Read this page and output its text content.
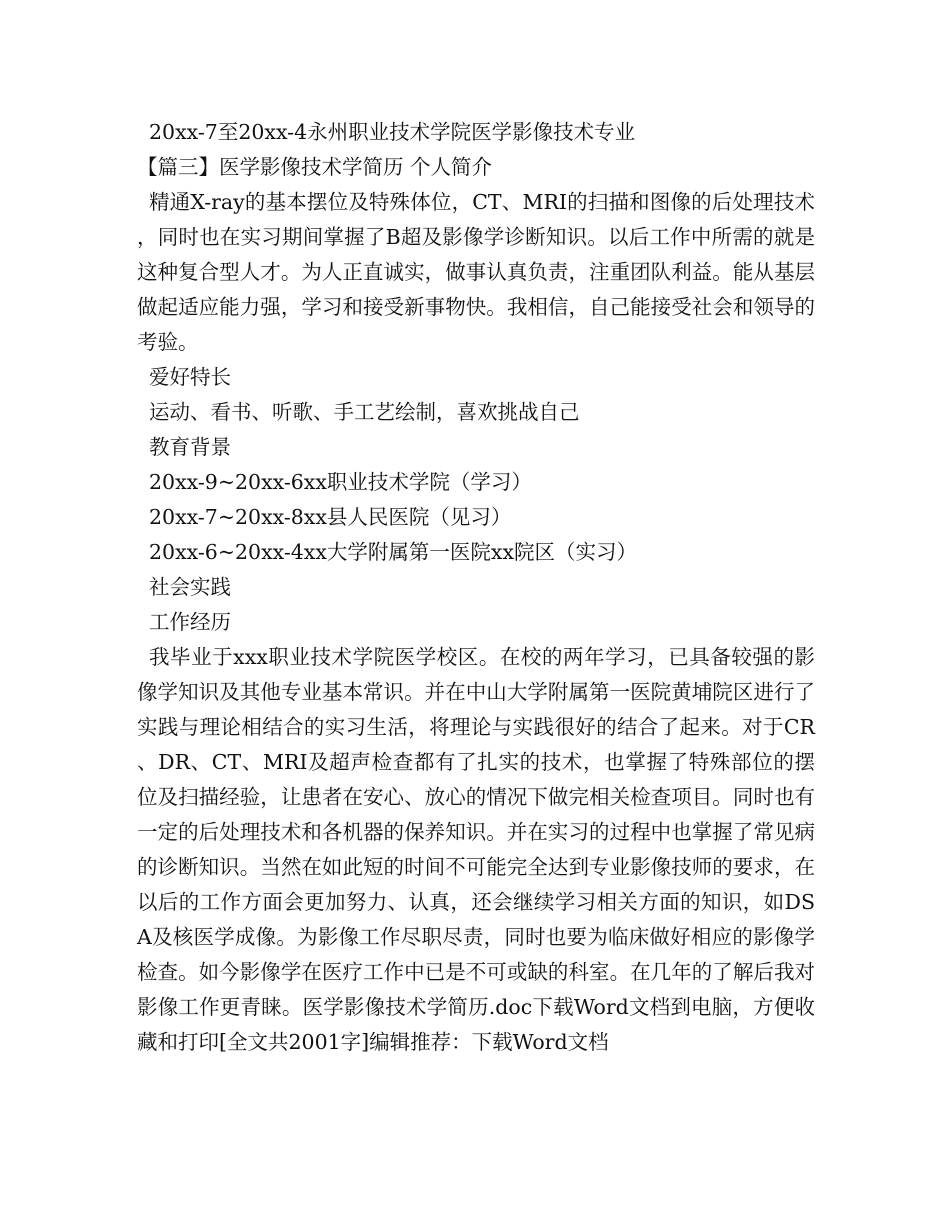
20xx-7至20xx-4永州职业技术学院医学影像技术专业
【篇三】医学影像技术学简历 个人简介
精通X-ray的基本摆位及特殊体位，CT、MRI的扫描和图像的后处理技术，同时也在实习期间掌握了B超及影像学诊断知识。以后工作中所需的就是这种复合型人才。为人正直诚实，做事认真负责，注重团队利益。能从基层做起适应能力强，学习和接受新事物快。我相信，自己能接受社会和领导的考验。
爱好特长
运动、看书、听歌、手工艺绘制，喜欢挑战自己
教育背景
20xx-9~20xx-6xx职业技术学院（学习）
20xx-7~20xx-8xx县人民医院（见习）
20xx-6~20xx-4xx大学附属第一医院xx院区（实习）
社会实践
工作经历
我毕业于xxx职业技术学院医学校区。在校的两年学习，已具备较强的影像学知识及其他专业基本常识。并在中山大学附属第一医院黄埔院区进行了实践与理论相结合的实习生活，将理论与实践很好的结合了起来。对于CR、DR、CT、MRI及超声检查都有了扎实的技术，也掌握了特殊部位的摆位及扫描经验，让患者在安心、放心的情况下做完相关检查项目。同时也有一定的后处理技术和各机器的保养知识。并在实习的过程中也掌握了常见病的诊断知识。当然在如此短的时间不可能完全达到专业影像技师的要求，在以后的工作方面会更加努力、认真，还会继续学习相关方面的知识，如DSA及核医学成像。为影像工作尽职尽责，同时也要为临床做好相应的影像学检查。如今影像学在医疗工作中已是不可或缺的科室。在几年的了解后我对影像工作更青睐。医学影像技术学简历.doc下载Word文档到电脑，方便收藏和打印[全文共2001字]编辑推荐：下载Word文档
